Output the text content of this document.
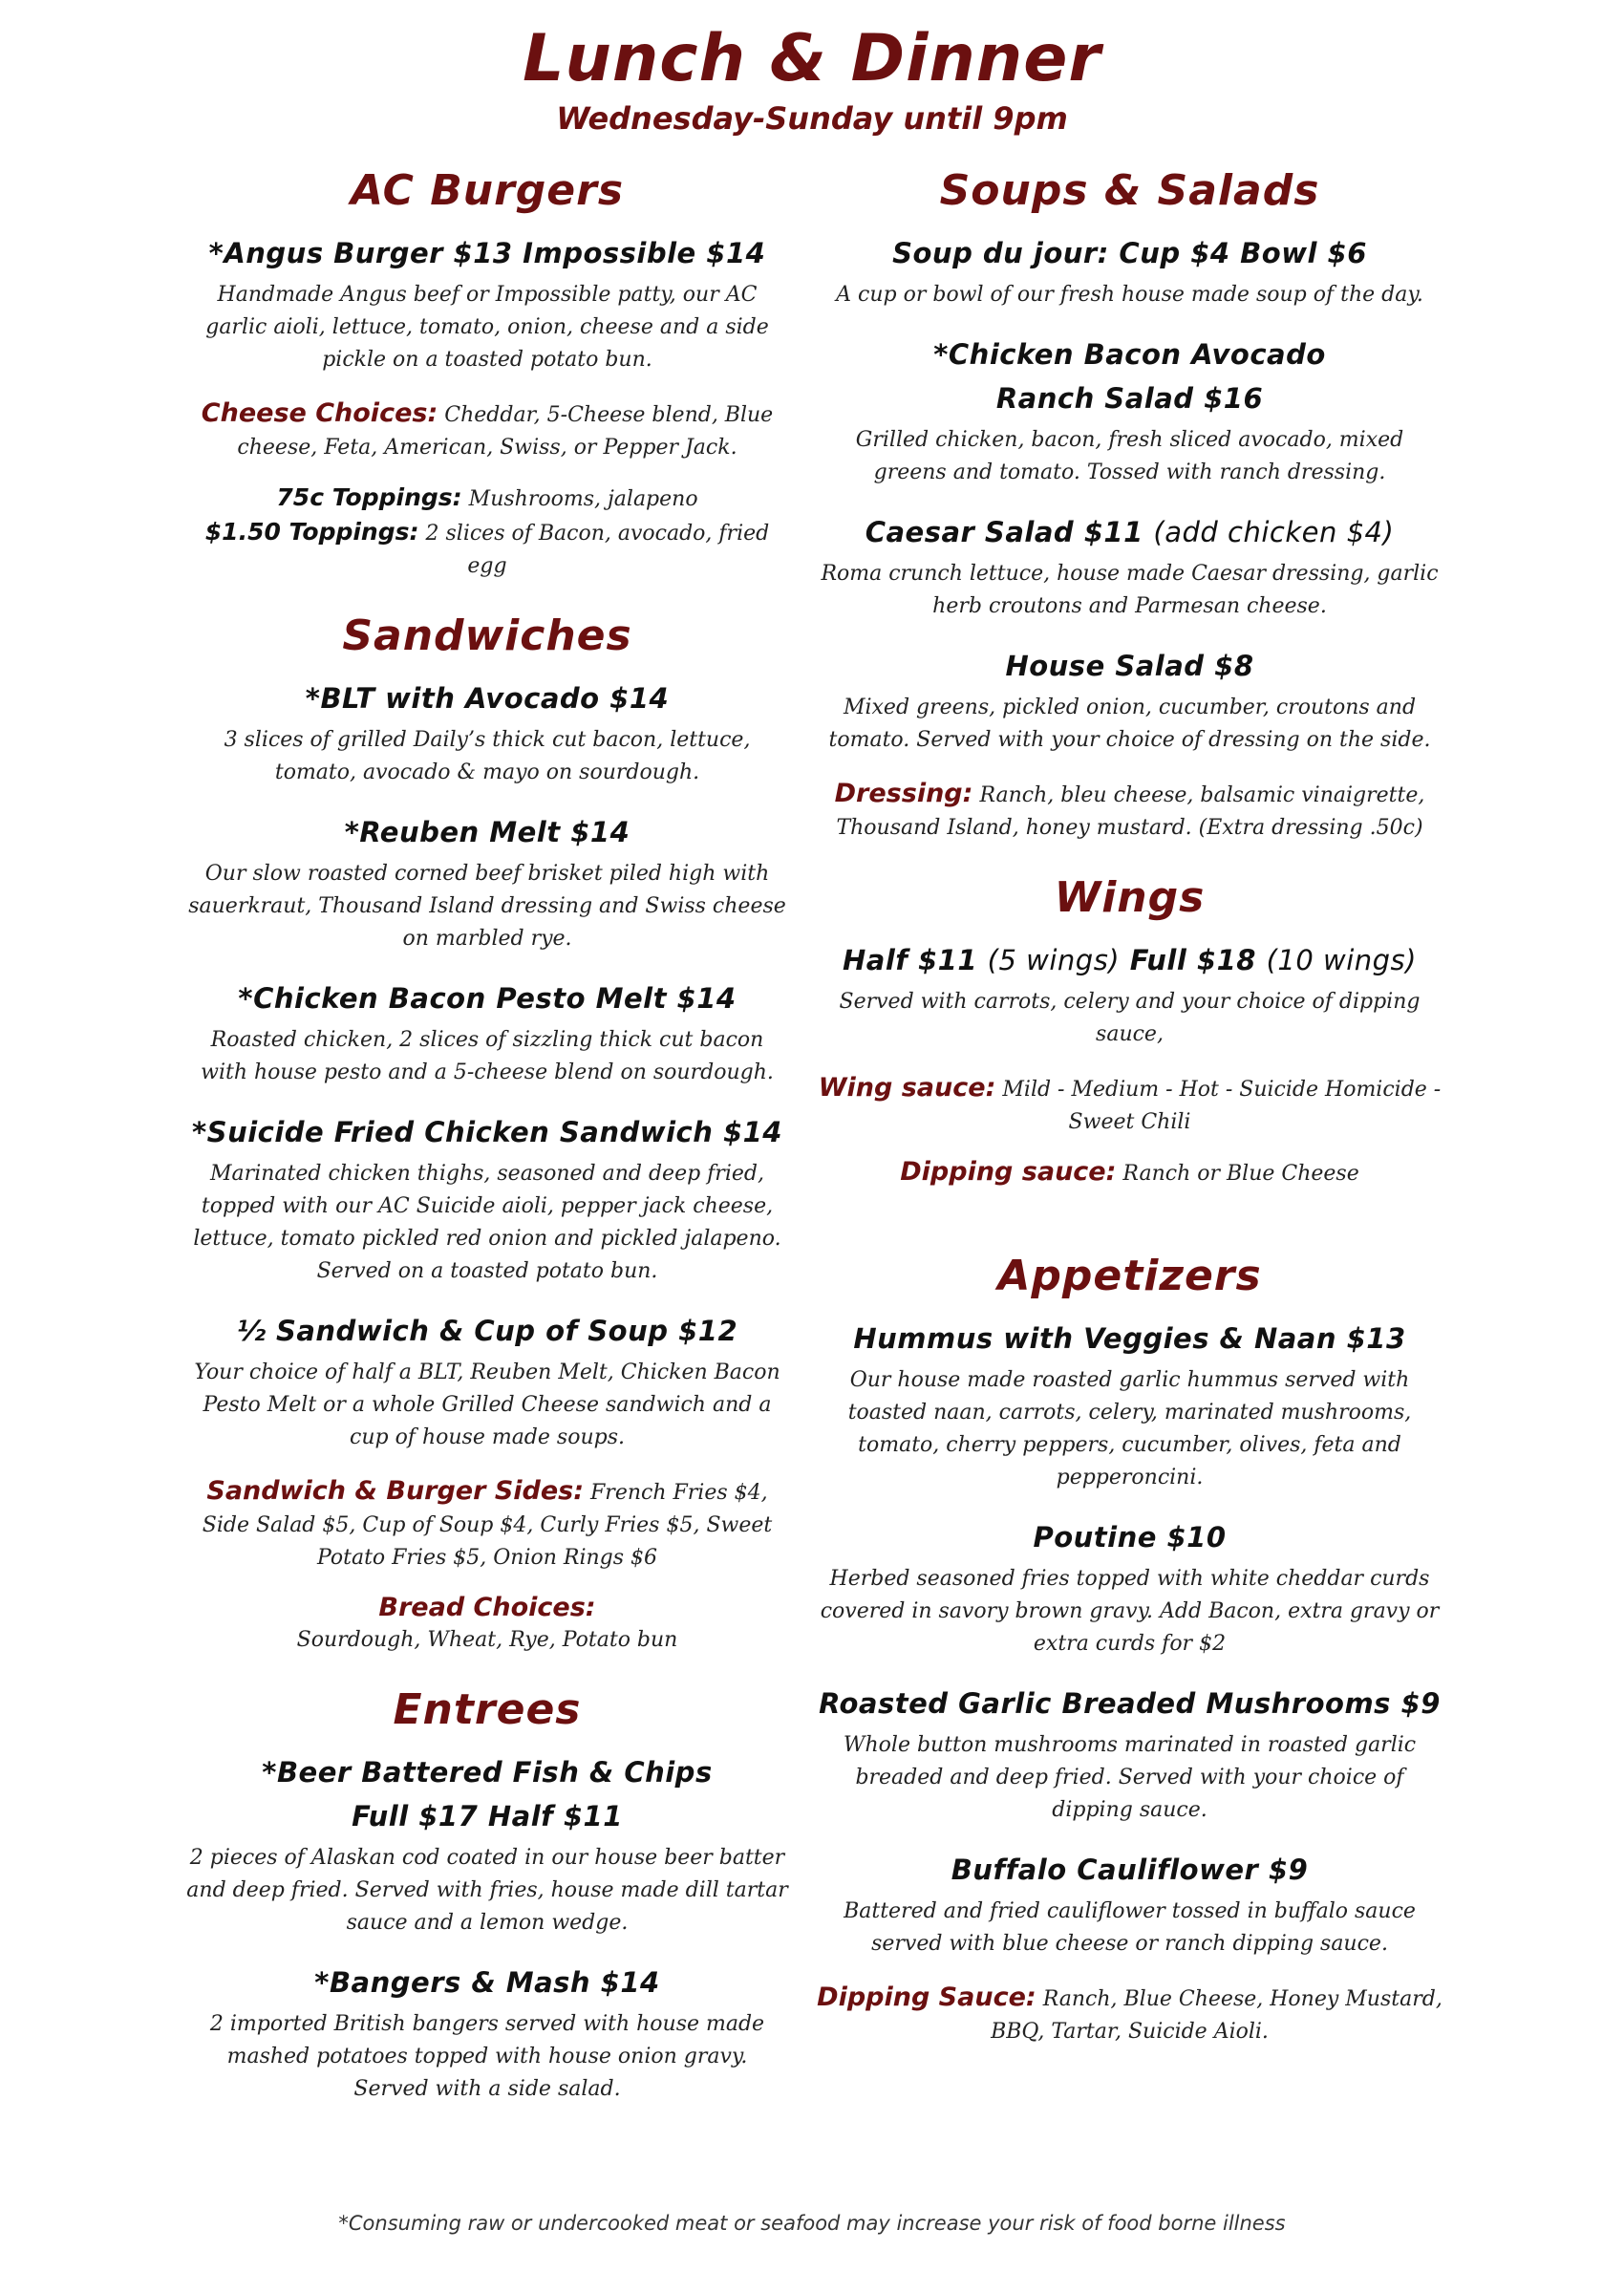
Lunch & Dinner
Wednesday-Sunday until 9pm
AC Burgers
*Angus Burger $13 Impossible $14
Handmade Angus beef or Impossible patty, our AC garlic aioli, lettuce, tomato, onion, cheese and a side pickle on a toasted potato bun.
Cheese Choices: Cheddar, 5-Cheese blend, Blue cheese, Feta, American, Swiss, or Pepper Jack.
75c Toppings: Mushrooms, jalapeno
$1.50 Toppings: 2 slices of Bacon, avocado, fried egg
Sandwiches
*BLT with Avocado $14
3 slices of grilled Daily’s thick cut bacon, lettuce, tomato, avocado & mayo on sourdough.
*Reuben Melt $14
Our slow roasted corned beef brisket piled high with sauerkraut, Thousand Island dressing and Swiss cheese on marbled rye.
*Chicken Bacon Pesto Melt $14
Roasted chicken, 2 slices of sizzling thick cut bacon with house pesto and a 5-cheese blend on sourdough.
*Suicide Fried Chicken Sandwich $14
Marinated chicken thighs, seasoned and deep fried, topped with our AC Suicide aioli, pepper jack cheese, lettuce, tomato pickled red onion and pickled jalapeno. Served on a toasted potato bun.
½ Sandwich & Cup of Soup $12
Your choice of half a BLT, Reuben Melt, Chicken Bacon Pesto Melt or a whole Grilled Cheese sandwich and a cup of house made soups.
Sandwich & Burger Sides: French Fries $4, Side Salad $5, Cup of Soup $4, Curly Fries $5, Sweet Potato Fries $5, Onion Rings $6
Bread Choices:
Sourdough, Wheat, Rye, Potato bun
Entrees
*Beer Battered Fish & Chips
Full $17 Half $11
2 pieces of Alaskan cod coated in our house beer batter and deep fried. Served with fries, house made dill tartar sauce and a lemon wedge.
*Bangers & Mash $14
2 imported British bangers served with house made mashed potatoes topped with house onion gravy.
Served with a side salad.
Soups & Salads
Soup du jour: Cup $4 Bowl $6
A cup or bowl of our fresh house made soup of the day.
*Chicken Bacon Avocado
Ranch Salad $16
Grilled chicken, bacon, fresh sliced avocado, mixed greens and tomato. Tossed with ranch dressing.
Caesar Salad $11 (add chicken $4)
Roma crunch lettuce, house made Caesar dressing, garlic herb croutons and Parmesan cheese.
House Salad $8
Mixed greens, pickled onion, cucumber, croutons and tomato. Served with your choice of dressing on the side.
Dressing: Ranch, bleu cheese, balsamic vinaigrette, Thousand Island, honey mustard. (Extra dressing .50c)
Wings
Half $11 (5 wings) Full $18 (10 wings)
Served with carrots, celery and your choice of dipping sauce,
Wing sauce: Mild - Medium - Hot - Suicide Homicide - Sweet Chili
Dipping sauce: Ranch or Blue Cheese
Appetizers
Hummus with Veggies & Naan $13
Our house made roasted garlic hummus served with toasted naan, carrots, celery, marinated mushrooms, tomato, cherry peppers, cucumber, olives, feta and pepperoncini.
Poutine $10
Herbed seasoned fries topped with white cheddar curds covered in savory brown gravy. Add Bacon, extra gravy or extra curds for $2
Roasted Garlic Breaded Mushrooms $9
Whole button mushrooms marinated in roasted garlic breaded and deep fried. Served with your choice of dipping sauce.
Buffalo Cauliflower $9
Battered and fried cauliflower tossed in buffalo sauce served with blue cheese or ranch dipping sauce.
Dipping Sauce: Ranch, Blue Cheese, Honey Mustard, BBQ, Tartar, Suicide Aioli.
*Consuming raw or undercooked meat or seafood may increase your risk of food borne illness
